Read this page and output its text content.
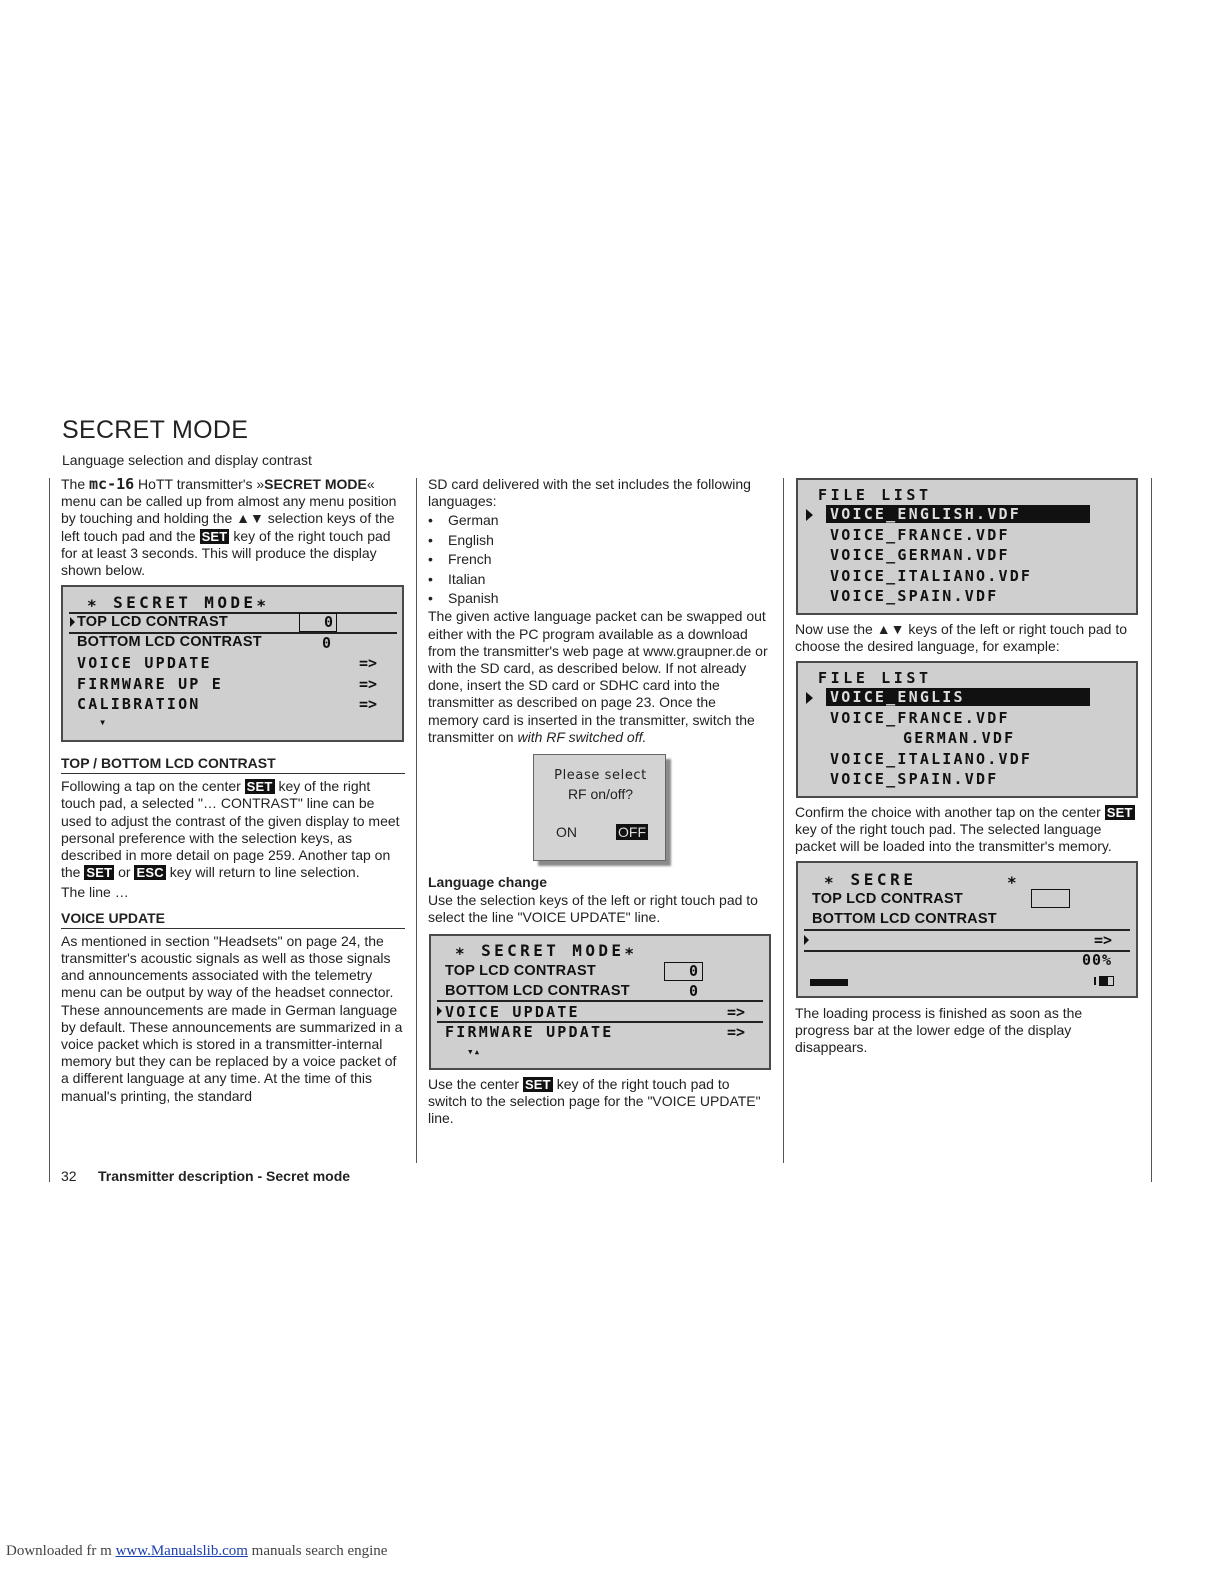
SECRET MODE
Language selection and display contrast

The mc-16 HoTT transmitter's »SECRET MODE« menu can be called up from almost any menu position by touching and holding the ▲▼ selection keys of the left touch pad and the SET key of the right touch pad for at least 3 seconds. This will produce the display shown below.

∗ SECRET MODE∗
TOP LCD CONTRAST	0
BOTTOM LCD CONTRAST	0
VOICE UPDATE	=>
FIRMWARE UP E	=>
CALIBRATION	=>
▾
TOP / BOTTOM LCD CONTRAST

Following a tap on the center SET key of the right touch pad, a selected "… CONTRAST" line can be used to adjust the contrast of the given display to meet personal preference with the selection keys, as described in more detail on page 259. Another tap on the SET or ESC key will return to line selection.

The line …

VOICE UPDATE

As mentioned in section "Headsets" on page 24, the transmitter's acoustic signals as well as those signals and announcements associated with the telemetry menu can be output by way of the headset connector. These announcements are made in German language by default. These announcements are summarized in a voice packet which is stored in a transmitter-internal memory but they can be replaced by a voice packet of a different language at any time. At the time of this manual's printing, the standard

SD card delivered with the set includes the following languages:

• German
• English
• French
• Italian
• Spanish

The given active language packet can be swapped out either with the PC program available as a download from the transmitter's web page at www.graupner.de or with the SD card, as described below. If not already done, insert the SD card or SDHC card into the transmitter as described on page 23. Once the memory card is inserted in the transmitter, switch the transmitter on with RF switched off.

Please select
RF on/off?
ON	OFF

Language change

Use the selection keys of the left or right touch pad to select the line "VOICE UPDATE" line.

∗ SECRET MODE∗
TOP LCD CONTRAST	0
BOTTOM LCD CONTRAST	0
VOICE UPDATE	=>
FIRMWARE UPDATE	=>
▾▴

Use the center SET key of the right touch pad to switch to the selection page for the "VOICE UPDATE" line.

FILE LIST
VOICE_ENGLISH.VDF
VOICE_FRANCE.VDF
VOICE_GERMAN.VDF
VOICE_ITALIANO.VDF
VOICE_SPAIN.VDF

Now use the ▲▼ keys of the left or right touch pad to choose the desired language, for example:

FILE LIST
VOICE_ENGLIS
VOICE_FRANCE.VDF
GERMAN.VDF
VOICE_ITALIANO.VDF
VOICE_SPAIN.VDF

Confirm the choice with another tap on the center SET key of the right touch pad. The selected language packet will be loaded into the transmitter's memory.

∗ SECRE	∗
TOP LCD CONTRAST
BOTTOM LCD CONTRAST
=>
00%

The loading process is finished as soon as the progress bar at the lower edge of the display disappears.

32 Transmitter description - Secret mode
Downloaded fr m www.Manualslib.com manuals search engine
